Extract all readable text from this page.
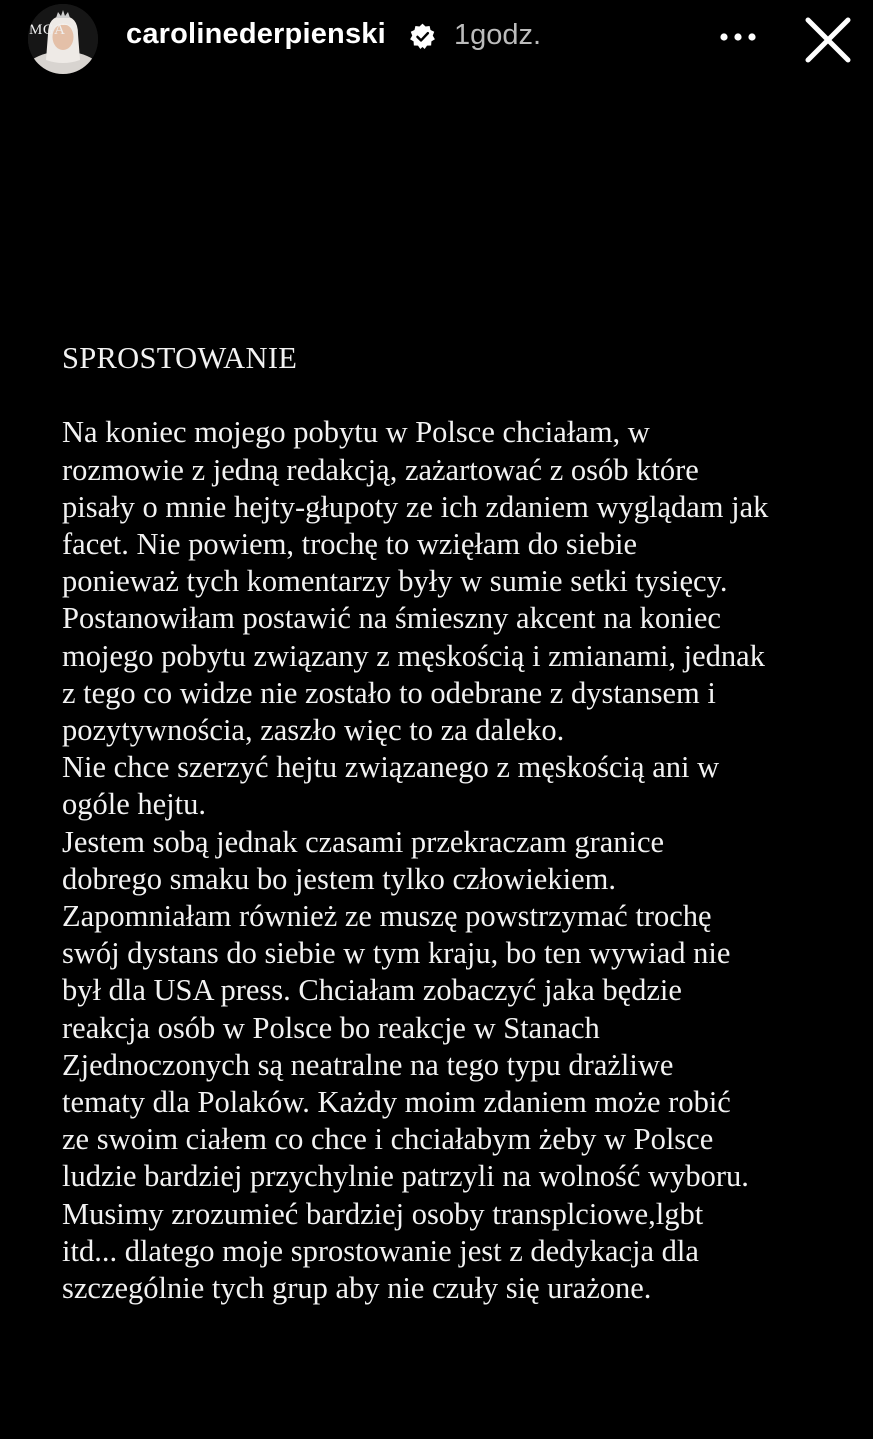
MGA carolinederpienski 1godz.
SPROSTOWANIE
Na koniec mojego pobytu w Polsce chciałam, w
rozmowie z jedną redakcją, zażartować z osób które
pisały o mnie hejty-głupoty ze ich zdaniem wyglądam jak
facet. Nie powiem, trochę to wzięłam do siebie
ponieważ tych komentarzy były w sumie setki tysięcy.
Postanowiłam postawić na śmieszny akcent na koniec
mojego pobytu związany z męskością i zmianami, jednak
z tego co widze nie zostało to odebrane z dystansem i
pozytywnościa, zaszło więc to za daleko.
Nie chce szerzyć hejtu związanego z męskością ani w
ogóle hejtu.
Jestem sobą jednak czasami przekraczam granice
dobrego smaku bo jestem tylko człowiekiem.
Zapomniałam również ze muszę powstrzymać trochę
swój dystans do siebie w tym kraju, bo ten wywiad nie
był dla USA press. Chciałam zobaczyć jaka będzie
reakcja osób w Polsce bo reakcje w Stanach
Zjednoczonych są neatralne na tego typu drażliwe
tematy dla Polaków. Każdy moim zdaniem może robić
ze swoim ciałem co chce i chciałabym żeby w Polsce
ludzie bardziej przychylnie patrzyli na wolność wyboru.
Musimy zrozumieć bardziej osoby transplciowe,lgbt
itd... dlatego moje sprostowanie jest z dedykacja dla
szczególnie tych grup aby nie czuły się urażone.
